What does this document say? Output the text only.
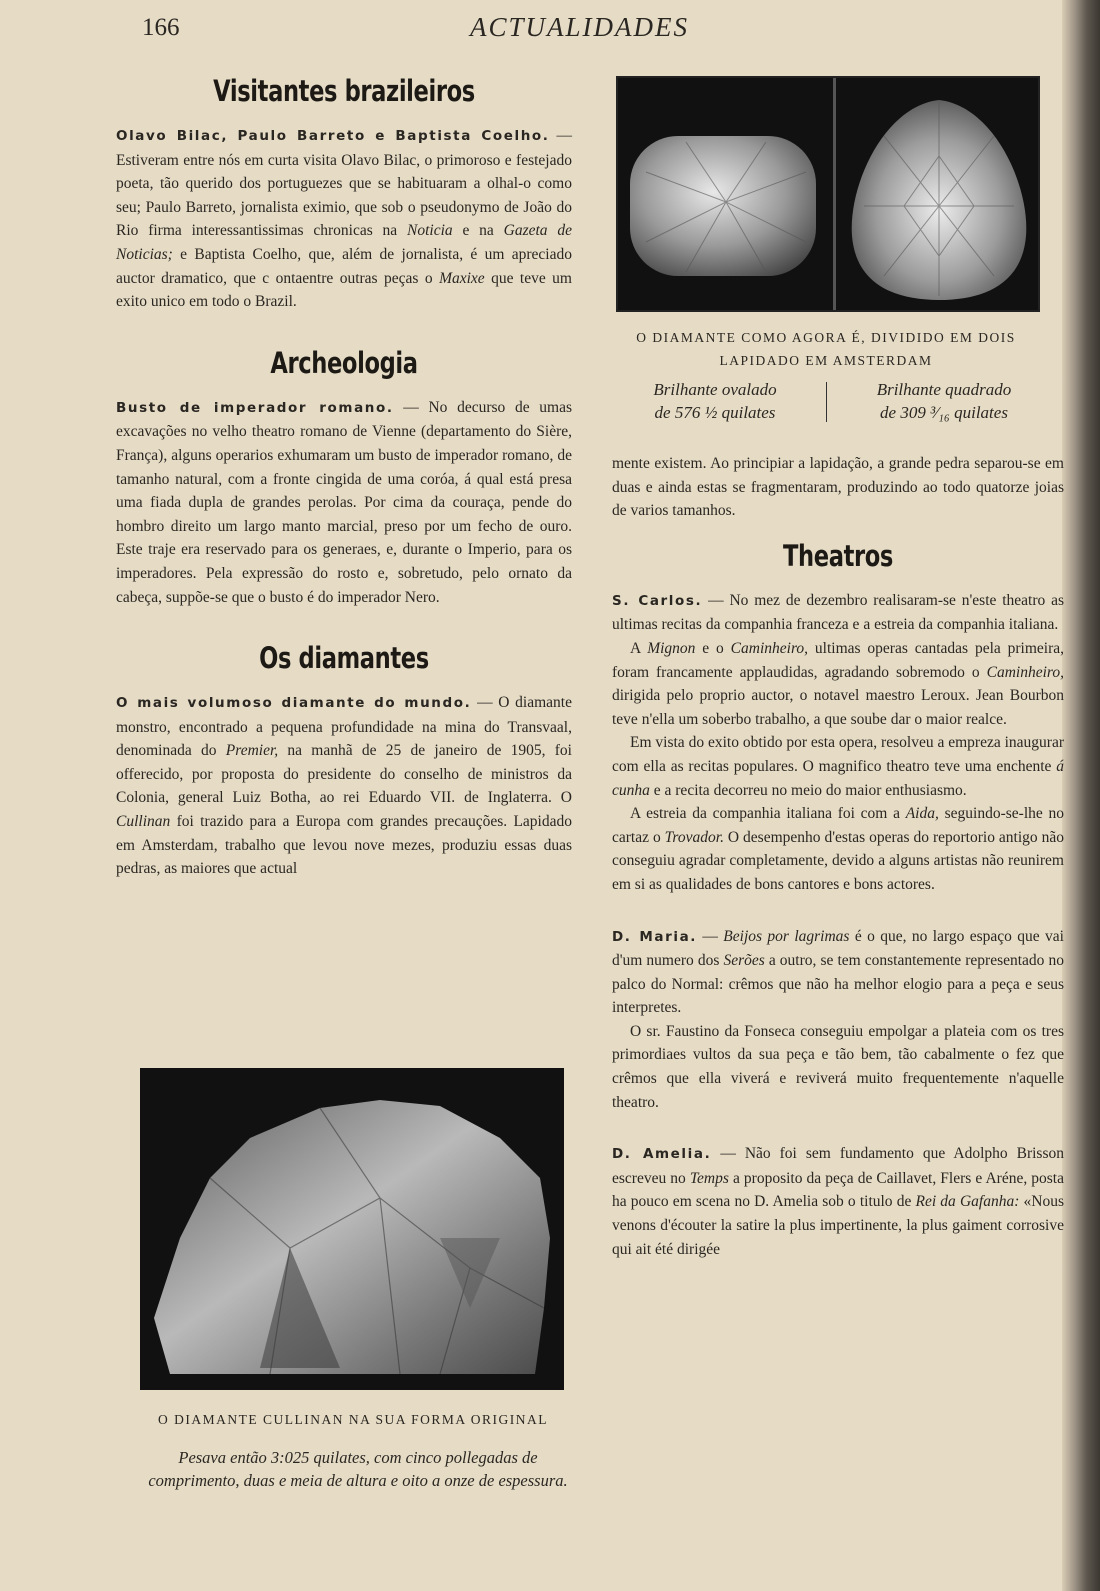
166	ACTUALIDADES
Visitantes brazileiros

Olavo Bilac, Paulo Barreto e Baptista Coelho. — Estiveram entre nós em curta visita Olavo Bilac, o primoroso e festejado poeta, tão querido dos portuguezes que se habituaram a olhal-o como seu; Paulo Barreto, jornalista eximio, que sob o pseudonymo de João do Rio firma interessantissimas chronicas na Noticia e na Gazeta de Noticias; e Baptista Coelho, que, além de jornalista, é um apreciado auctor dramatico, que c ontaentre outras peças o Maxixe que teve um exito unico em todo o Brazil.

Archeologia

Busto de imperador romano. — No decurso de umas excavações no velho theatro romano de Vienne (departamento do Sière, França), alguns operarios exhumaram um busto de imperador romano, de tamanho natural, com a fronte cingida de uma coróa, á qual está presa uma fiada dupla de grandes perolas. Por cima da couraça, pende do hombro direito um largo manto marcial, preso por um fecho de ouro. Este traje era reservado para os generaes, e, durante o Imperio, para os imperadores. Pela expressão do rosto e, sobretudo, pelo ornato da cabeça, suppõe-se que o busto é do imperador Nero.

Os diamantes

O mais volumoso diamante do mundo. — O diamante monstro, encontrado a pequena profundidade na mina do Transvaal, denominada do Premier, na manhã de 25 de janeiro de 1905, foi offerecido, por proposta do presidente do conselho de ministros da Colonia, general Luiz Botha, ao rei Eduardo VII. de Inglaterra. O Cullinan foi trazido para a Europa com grandes precauções. Lapidado em Amsterdam, trabalho que levou nove mezes, produziu essas duas pedras, as maiores que actual

O DIAMANTE COMO AGORA É, DIVIDIDO EM DOIS LAPIDADO EM AMSTERDAM
Brilhante ovalado
de 576 ½ quilates
Brilhante quadrado
de 309 ³⁄₁₆ quilates

mente existem. Ao principiar a lapidação, a grande pedra separou-se em duas e ainda estas se fragmentaram, produzindo ao todo quatorze joias de varios tamanhos.

Theatros

S. Carlos. — No mez de dezembro realisaram-se n'este theatro as ultimas recitas da companhia franceza e a estreia da companhia italiana.

A Mignon e o Caminheiro, ultimas operas cantadas pela primeira, foram francamente applaudidas, agradando sobremodo o Caminheiro, dirigida pelo proprio auctor, o notavel maestro Leroux. Jean Bourbon teve n'ella um soberbo trabalho, a que soube dar o maior realce.

Em vista do exito obtido por esta opera, resolveu a empreza inaugurar com ella as recitas populares. O magnifico theatro teve uma enchente á cunha e a recita decorreu no meio do maior enthusiasmo.

A estreia da companhia italiana foi com a Aida, seguindo-se-lhe no cartaz o Trovador. O desempenho d'estas operas do reportorio antigo não conseguiu agradar completamente, devido a alguns artistas não reunirem em si as qualidades de bons cantores e bons actores.

D. Maria. — Beijos por lagrimas é o que, no largo espaço que vai d'um numero dos Serões a outro, se tem constantemente representado no palco do Normal: crêmos que não ha melhor elogio para a peça e seus interpretes.

O sr. Faustino da Fonseca conseguiu empolgar a plateia com os tres primordiaes vultos da sua peça e tão bem, tão cabalmente o fez que crêmos que ella viverá e reviverá muito frequentemente n'aquelle theatro.

D. Amelia. — Não foi sem fundamento que Adolpho Brisson escreveu no Temps a proposito da peça de Caillavet, Flers e Aréne, posta ha pouco em scena no D. Amelia sob o titulo de Rei da Gafanha: «Nous venons d'écouter la satire la plus impertinente, la plus gaiment corrosive qui ait été dirigée

O DIAMANTE CULLINAN NA SUA FORMA ORIGINAL
Pesava então 3:025 quilates, com cinco pollegadas de comprimento, duas e meia de altura e oito a onze de espessura.
